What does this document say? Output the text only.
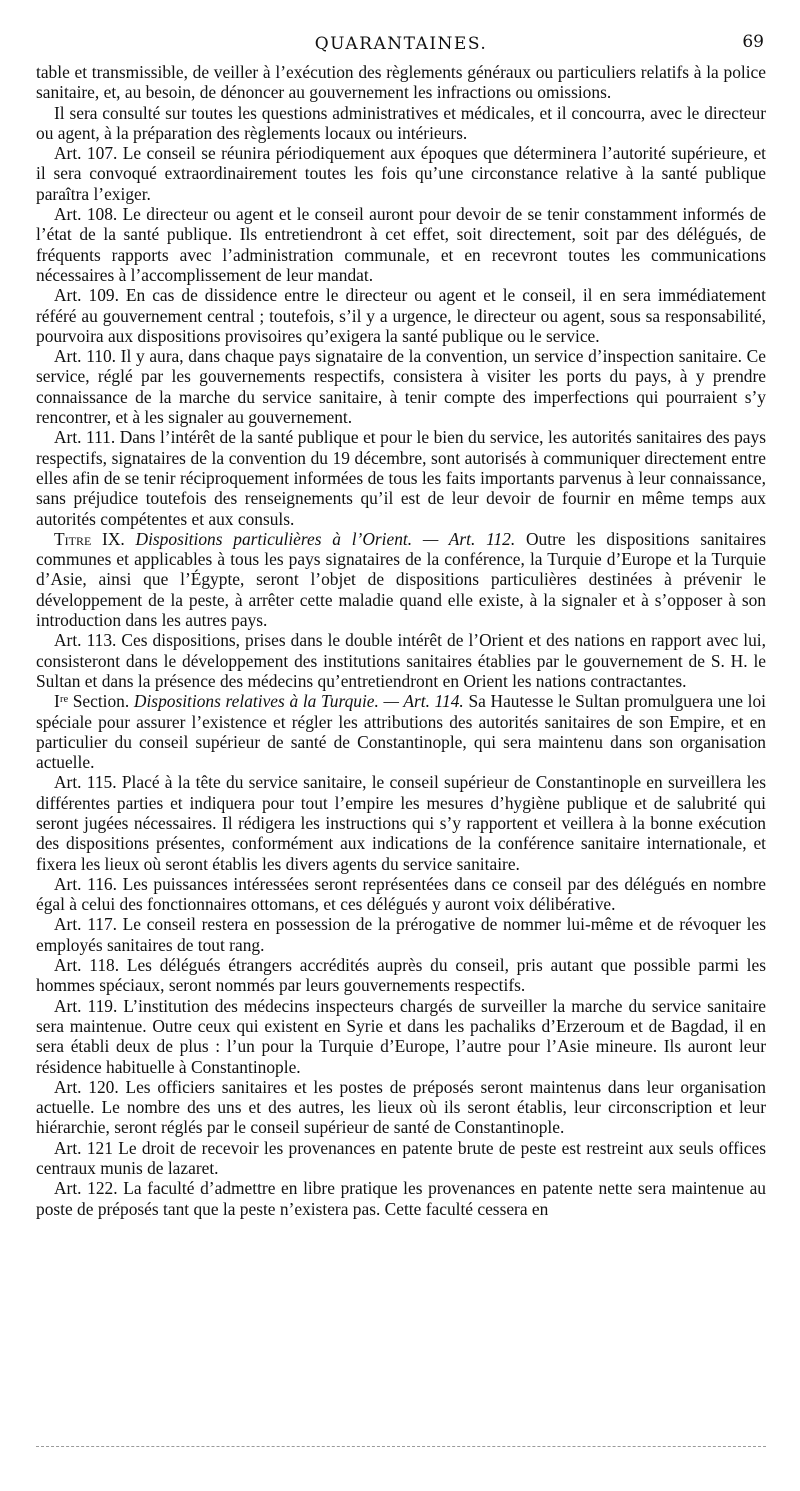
QUARANTAINES.	69

table et transmissible, de veiller à l’exécution des règlements généraux ou particuliers relatifs à la police sanitaire, et, au besoin, de dénoncer au gouvernement les infractions ou omissions.

Il sera consulté sur toutes les questions administratives et médicales, et il concourra, avec le directeur ou agent, à la préparation des règlements locaux ou intérieurs.

Art. 107. Le conseil se réunira périodiquement aux époques que déterminera l’autorité supérieure, et il sera convoqué extraordinairement toutes les fois qu’une circonstance relative à la santé publique paraîtra l’exiger.

Art. 108. Le directeur ou agent et le conseil auront pour devoir de se tenir constamment informés de l’état de la santé publique. Ils entretiendront à cet effet, soit directement, soit par des délégués, de fréquents rapports avec l’administration communale, et en recevront toutes les communications nécessaires à l’accomplissement de leur mandat.

Art. 109. En cas de dissidence entre le directeur ou agent et le conseil, il en sera immédiatement référé au gouvernement central ; toutefois, s’il y a urgence, le directeur ou agent, sous sa responsabilité, pourvoira aux dispositions provisoires qu’exigera la santé publique ou le service.

Art. 110. Il y aura, dans chaque pays signataire de la convention, un service d’inspection sanitaire. Ce service, réglé par les gouvernements respectifs, consistera à visiter les ports du pays, à y prendre connaissance de la marche du service sanitaire, à tenir compte des imperfections qui pourraient s’y rencontrer, et à les signaler au gouvernement.

Art. 111. Dans l’intérêt de la santé publique et pour le bien du service, les autorités sanitaires des pays respectifs, signataires de la convention du 19 décembre, sont autorisés à communiquer directement entre elles afin de se tenir réciproquement informées de tous les faits importants parvenus à leur connaissance, sans préjudice toutefois des renseignements qu’il est de leur devoir de fournir en même temps aux autorités compétentes et aux consuls.

Titre IX. Dispositions particulières à l’Orient. — Art. 112. Outre les dispositions sanitaires communes et applicables à tous les pays signataires de la conférence, la Turquie d’Europe et la Turquie d’Asie, ainsi que l’Égypte, seront l’objet de dispositions particulières destinées à prévenir le développement de la peste, à arrêter cette maladie quand elle existe, à la signaler et à s’opposer à son introduction dans les autres pays.

Art. 113. Ces dispositions, prises dans le double intérêt de l’Orient et des nations en rapport avec lui, consisteront dans le développement des institutions sanitaires établies par le gouvernement de S. H. le Sultan et dans la présence des médecins qu’entretiendront en Orient les nations contractantes.

Iʳᵉ Section. Dispositions relatives à la Turquie. — Art. 114. Sa Hautesse le Sultan promulguera une loi spéciale pour assurer l’existence et régler les attributions des autorités sanitaires de son Empire, et en particulier du conseil supérieur de santé de Constantinople, qui sera maintenu dans son organisation actuelle.

Art. 115. Placé à la tête du service sanitaire, le conseil supérieur de Constantinople en surveillera les différentes parties et indiquera pour tout l’empire les mesures d’hygiène publique et de salubrité qui seront jugées nécessaires. Il rédigera les instructions qui s’y rapportent et veillera à la bonne exécution des dispositions présentes, conformément aux indications de la conférence sanitaire internationale, et fixera les lieux où seront établis les divers agents du service sanitaire.

Art. 116. Les puissances intéressées seront représentées dans ce conseil par des délégués en nombre égal à celui des fonctionnaires ottomans, et ces délégués y auront voix délibérative.

Art. 117. Le conseil restera en possession de la prérogative de nommer lui-même et de révoquer les employés sanitaires de tout rang.

Art. 118. Les délégués étrangers accrédités auprès du conseil, pris autant que possible parmi les hommes spéciaux, seront nommés par leurs gouvernements respectifs.

Art. 119. L’institution des médecins inspecteurs chargés de surveiller la marche du service sanitaire sera maintenue. Outre ceux qui existent en Syrie et dans les pachaliks d’Erzeroum et de Bagdad, il en sera établi deux de plus : l’un pour la Turquie d’Europe, l’autre pour l’Asie mineure. Ils auront leur résidence habituelle à Constantinople.

Art. 120. Les officiers sanitaires et les postes de préposés seront maintenus dans leur organisation actuelle. Le nombre des uns et des autres, les lieux où ils seront établis, leur circonscription et leur hiérarchie, seront réglés par le conseil supérieur de santé de Constantinople.

Art. 121 Le droit de recevoir les provenances en patente brute de peste est restreint aux seuls offices centraux munis de lazaret.

Art. 122. La faculté d’admettre en libre pratique les provenances en patente nette sera maintenue au poste de préposés tant que la peste n’existera pas. Cette faculté cessera en
